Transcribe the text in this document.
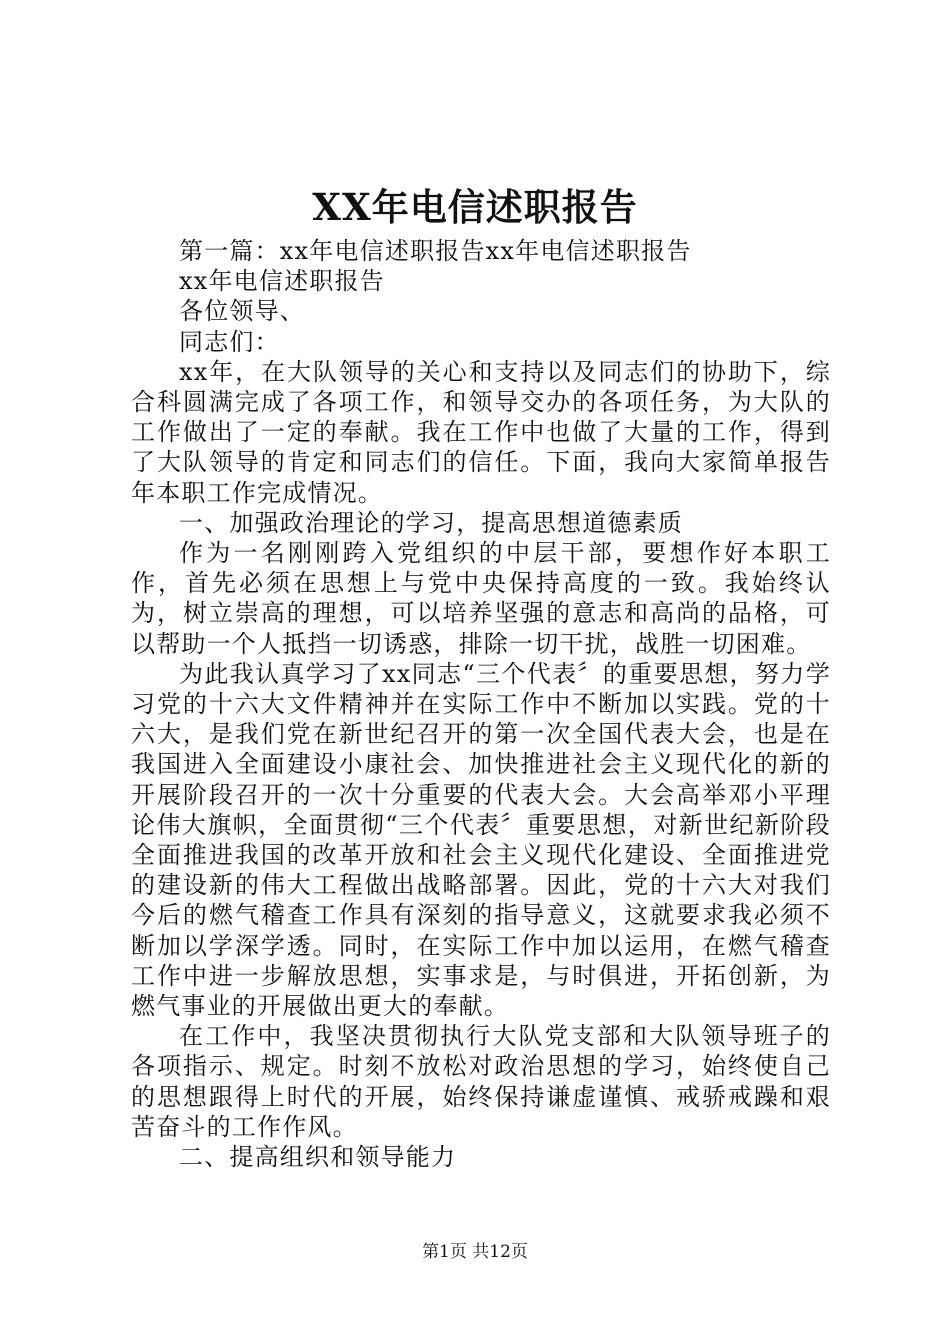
XX年电信述职报告

第一篇：xx年电信述职报告xx年电信述职报告

xx年电信述职报告

各位领导、

同志们：

xx年，在大队领导的关心和支持以及同志们的协助下，综合科圆满完成了各项工作，和领导交办的各项任务，为大队的工作做出了一定的奉献。我在工作中也做了大量的工作，得到了大队领导的肯定和同志们的信任。下面，我向大家简单报告年本职工作完成情况。

一、加强政治理论的学习，提高思想道德素质

作为一名刚刚跨入党组织的中层干部，要想作好本职工作，首先必须在思想上与党中央保持高度的一致。我始终认为，树立崇高的理想，可以培养坚强的意志和高尚的品格，可以帮助一个人抵挡一切诱惑，排除一切干扰，战胜一切困难。

为此我认真学习了xx同志“三个代表〞的重要思想，努力学习党的十六大文件精神并在实际工作中不断加以实践。党的十六大，是我们党在新世纪召开的第一次全国代表大会，也是在我国进入全面建设小康社会、加快推进社会主义现代化的新的开展阶段召开的一次十分重要的代表大会。大会高举邓小平理论伟大旗帜，全面贯彻“三个代表〞重要思想，对新世纪新阶段全面推进我国的改革开放和社会主义现代化建设、全面推进党的建设新的伟大工程做出战略部署。因此，党的十六大对我们今后的燃气稽查工作具有深刻的指导意义，这就要求我必须不断加以学深学透。同时，在实际工作中加以运用，在燃气稽查工作中进一步解放思想，实事求是，与时俱进，开拓创新，为燃气事业的开展做出更大的奉献。

在工作中，我坚决贯彻执行大队党支部和大队领导班子的各项指示、规定。时刻不放松对政治思想的学习，始终使自己的思想跟得上时代的开展，始终保持谦虚谨慎、戒骄戒躁和艰苦奋斗的工作作风。

二、提高组织和领导能力

第1页 共12页
